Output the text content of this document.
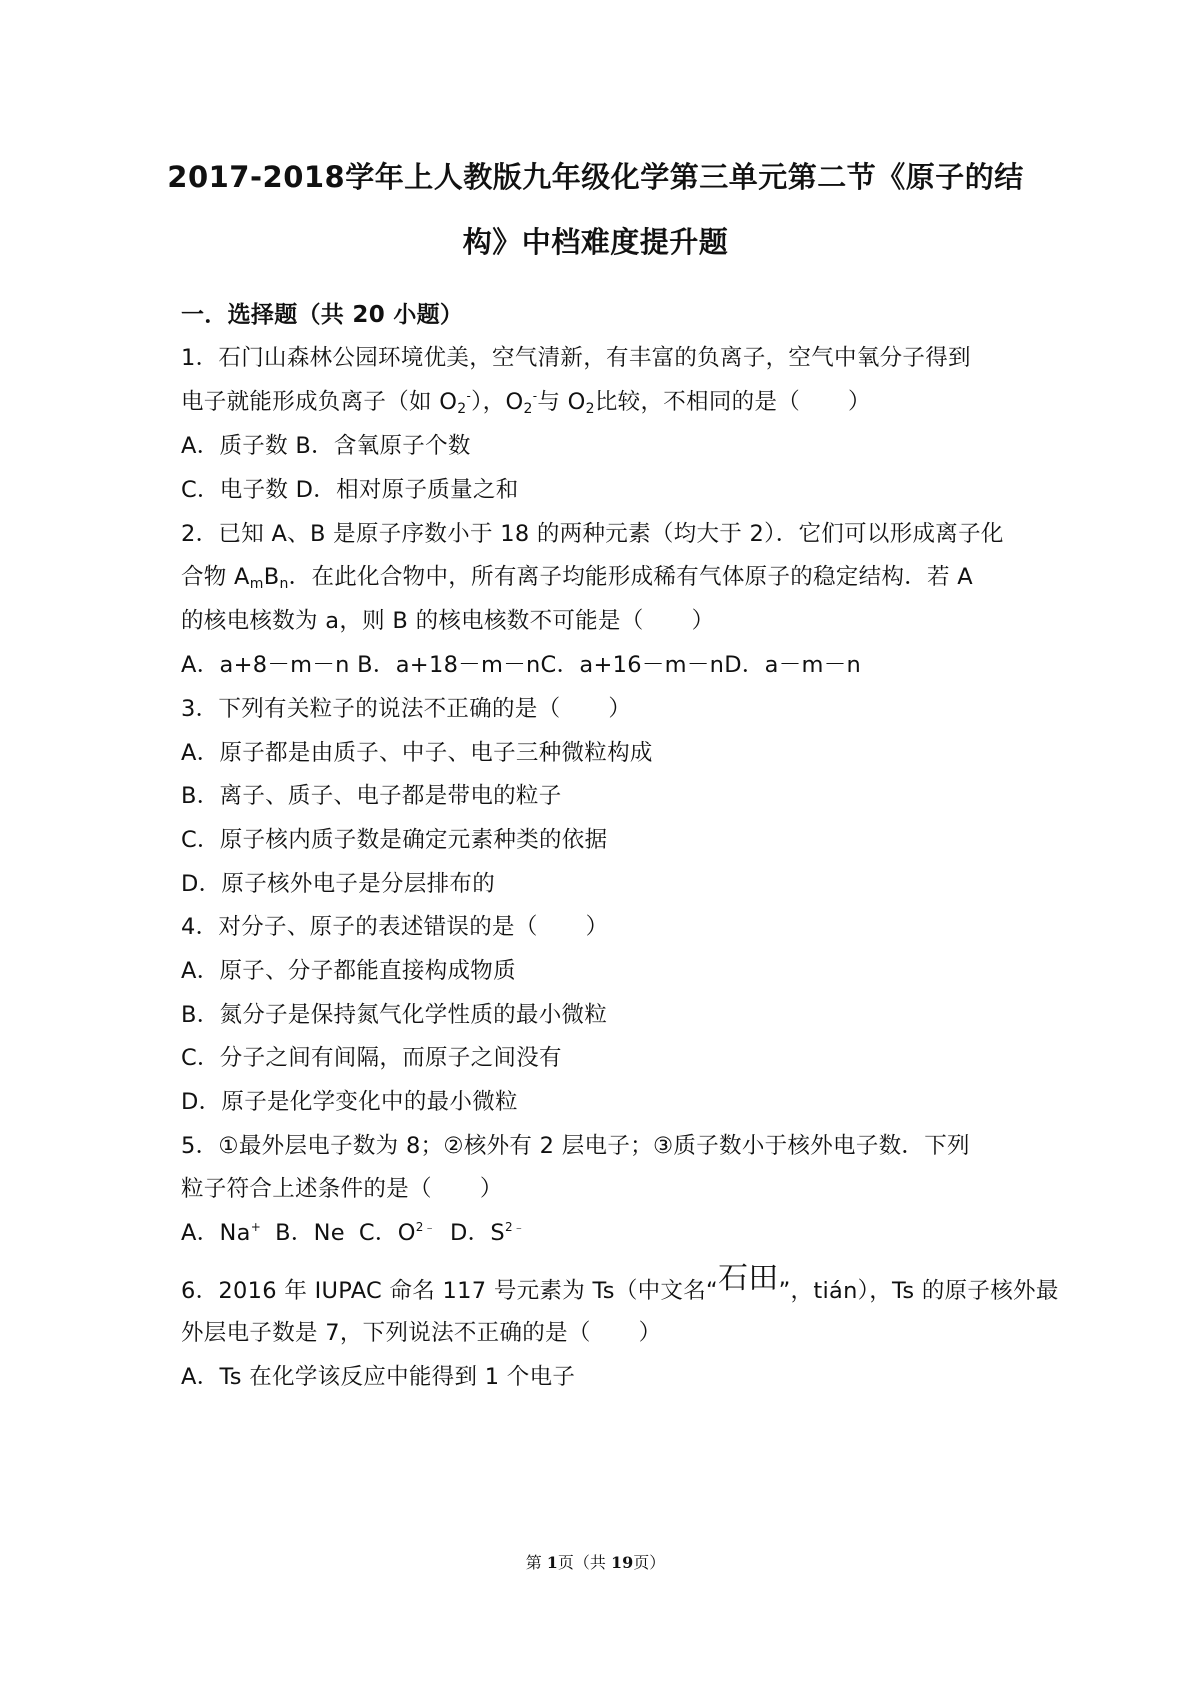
2017-2018学年上人教版九年级化学第三单元第二节《原子的结
构》中档难度提升题
一．选择题（共 20 小题）
1．石门山森林公园环境优美，空气清新，有丰富的负离子，空气中氧分子得到
电子就能形成负离子（如 $O_2^-$），$O_2^-$与 $O_2$比较，不相同的是（ ）
A．质子数 B．含氧原子个数
C．电子数 D．相对原子质量之和
2．已知 A、B 是原子序数小于 18 的两种元素（均大于 2）．它们可以形成离子化
合物 $A_mB_n$．在此化合物中，所有离子均能形成稀有气体原子的稳定结构．若 A
的核电核数为 a，则 B 的核电核数不可能是（ ）
A．a+8－m－n B．a+18－m－nC．a+16－m－nD．a－m－n
3．下列有关粒子的说法不正确的是（ ）
A．原子都是由质子、中子、电子三种微粒构成
B．离子、质子、电子都是带电的粒子
C．原子核内质子数是确定元素种类的依据
D．原子核外电子是分层排布的
4．对分子、原子的表述错误的是（ ）
A．原子、分子都能直接构成物质
B．氮分子是保持氮气化学性质的最小微粒
C．分子之间有间隔，而原子之间没有
D．原子是化学变化中的最小微粒
5．①最外层电子数为 8；②核外有 2 层电子；③质子数小于核外电子数．下列
粒子符合上述条件的是（ ）
A．Na+ B．Ne C．$O^{2﹣}$ D．$S^{2﹣}$
6．2016 年 IUPAC 命名 117 号元素为 Ts（中文名“石田”，tián），Ts 的原子核外最
外层电子数是 7，下列说法不正确的是（ ）
A．Ts 在化学该反应中能得到 1 个电子
第 1页（共 19页）
